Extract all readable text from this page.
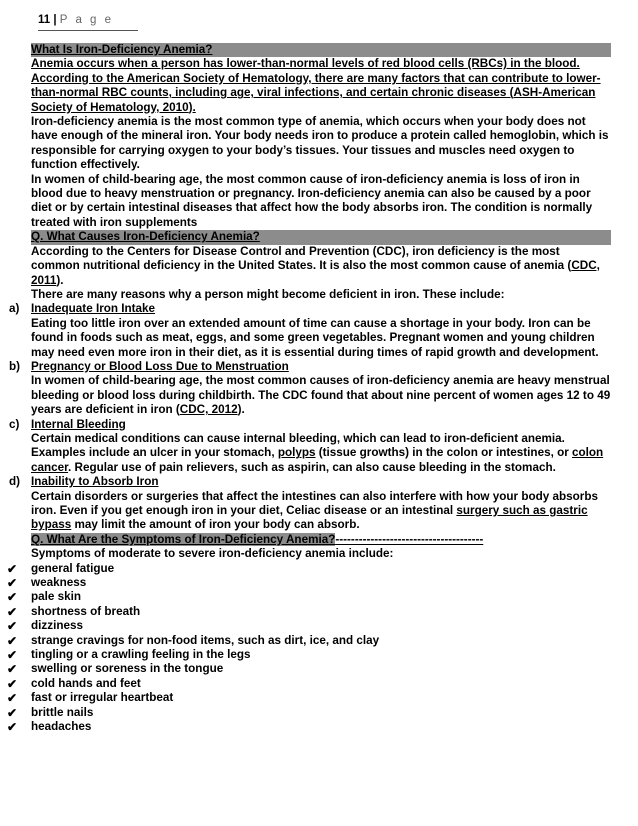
11 | P a g e

What Is Iron-Deficiency Anemia?

Anemia occurs when a person has lower-than-normal levels of red blood cells (RBCs) in the blood. According to the American Society of Hematology, there are many factors that can contribute to lower-than-normal RBC counts, including age, viral infections, and certain chronic diseases (ASH-American Society of Hematology, 2010).

Iron-deficiency anemia is the most common type of anemia, which occurs when your body does not have enough of the mineral iron. Your body needs iron to produce a protein called hemoglobin, which is responsible for carrying oxygen to your body’s tissues. Your tissues and muscles need oxygen to function effectively.

In women of child-bearing age, the most common cause of iron-deficiency anemia is loss of iron in blood due to heavy menstruation or pregnancy. Iron-deficiency anemia can also be caused by a poor diet or by certain intestinal diseases that affect how the body absorbs iron. The condition is normally treated with iron supplements

Q. What Causes Iron-Deficiency Anemia?

According to the Centers for Disease Control and Prevention (CDC), iron deficiency is the most common nutritional deficiency in the United States. It is also the most common cause of anemia (CDC, 2011).

There are many reasons why a person might become deficient in iron. These include:

a) Inadequate Iron Intake

Eating too little iron over an extended amount of time can cause a shortage in your body. Iron can be found in foods such as meat, eggs, and some green vegetables. Pregnant women and young children may need even more iron in their diet, as it is essential during times of rapid growth and development.

b) Pregnancy or Blood Loss Due to Menstruation

In women of child-bearing age, the most common causes of iron-deficiency anemia are heavy menstrual bleeding or blood loss during childbirth. The CDC found that about nine percent of women ages 12 to 49 years are deficient in iron (CDC, 2012).

c) Internal Bleeding

Certain medical conditions can cause internal bleeding, which can lead to iron-deficient anemia. Examples include an ulcer in your stomach, polyps (tissue growths) in the colon or intestines, or colon cancer. Regular use of pain relievers, such as aspirin, can also cause bleeding in the stomach.

d) Inability to Absorb Iron

Certain disorders or surgeries that affect the intestines can also interfere with how your body absorbs iron. Even if you get enough iron in your diet, Celiac disease or an intestinal surgery such as gastric bypass may limit the amount of iron your body can absorb.

Q. What Are the Symptoms of Iron-Deficiency Anemia?--------------------------------------

Symptoms of moderate to severe iron-deficiency anemia include:

✔ general fatigue
✔ weakness
✔ pale skin
✔ shortness of breath
✔ dizziness
✔ strange cravings for non-food items, such as dirt, ice, and clay
✔ tingling or a crawling feeling in the legs
✔ swelling or soreness in the tongue
✔ cold hands and feet
✔ fast or irregular heartbeat
✔ brittle nails
✔ headaches
